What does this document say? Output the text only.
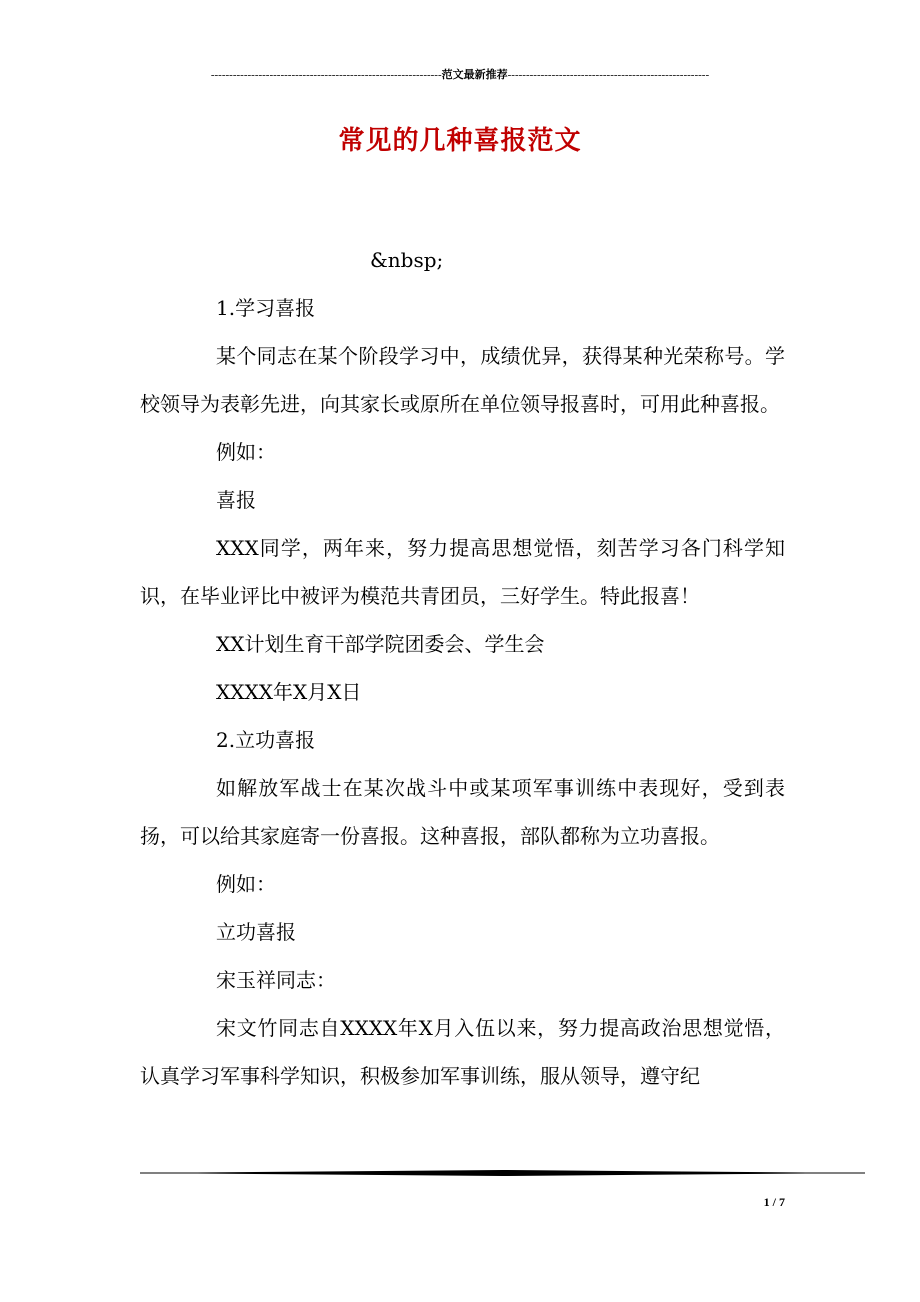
---------------------------------------------------------------范文最新推荐-------------------------------------------------------
常见的几种喜报范文

&nbsp;

1.学习喜报

某个同志在某个阶段学习中，成绩优异，获得某种光荣称号。学校领导为表彰先进，向其家长或原所在单位领导报喜时，可用此种喜报。

例如：

喜报

XXX同学，两年来，努力提高思想觉悟，刻苦学习各门科学知识，在毕业评比中被评为模范共青团员，三好学生。特此报喜！

XX计划生育干部学院团委会、学生会

XXXX年X月X日

2.立功喜报

如解放军战士在某次战斗中或某项军事训练中表现好，受到表扬，可以给其家庭寄一份喜报。这种喜报，部队都称为立功喜报。

例如：

立功喜报

宋玉祥同志：

宋文竹同志自XXXX年X月入伍以来，努力提高政治思想觉悟，认真学习军事科学知识，积极参加军事训练，服从领导，遵守纪

1 / 7
